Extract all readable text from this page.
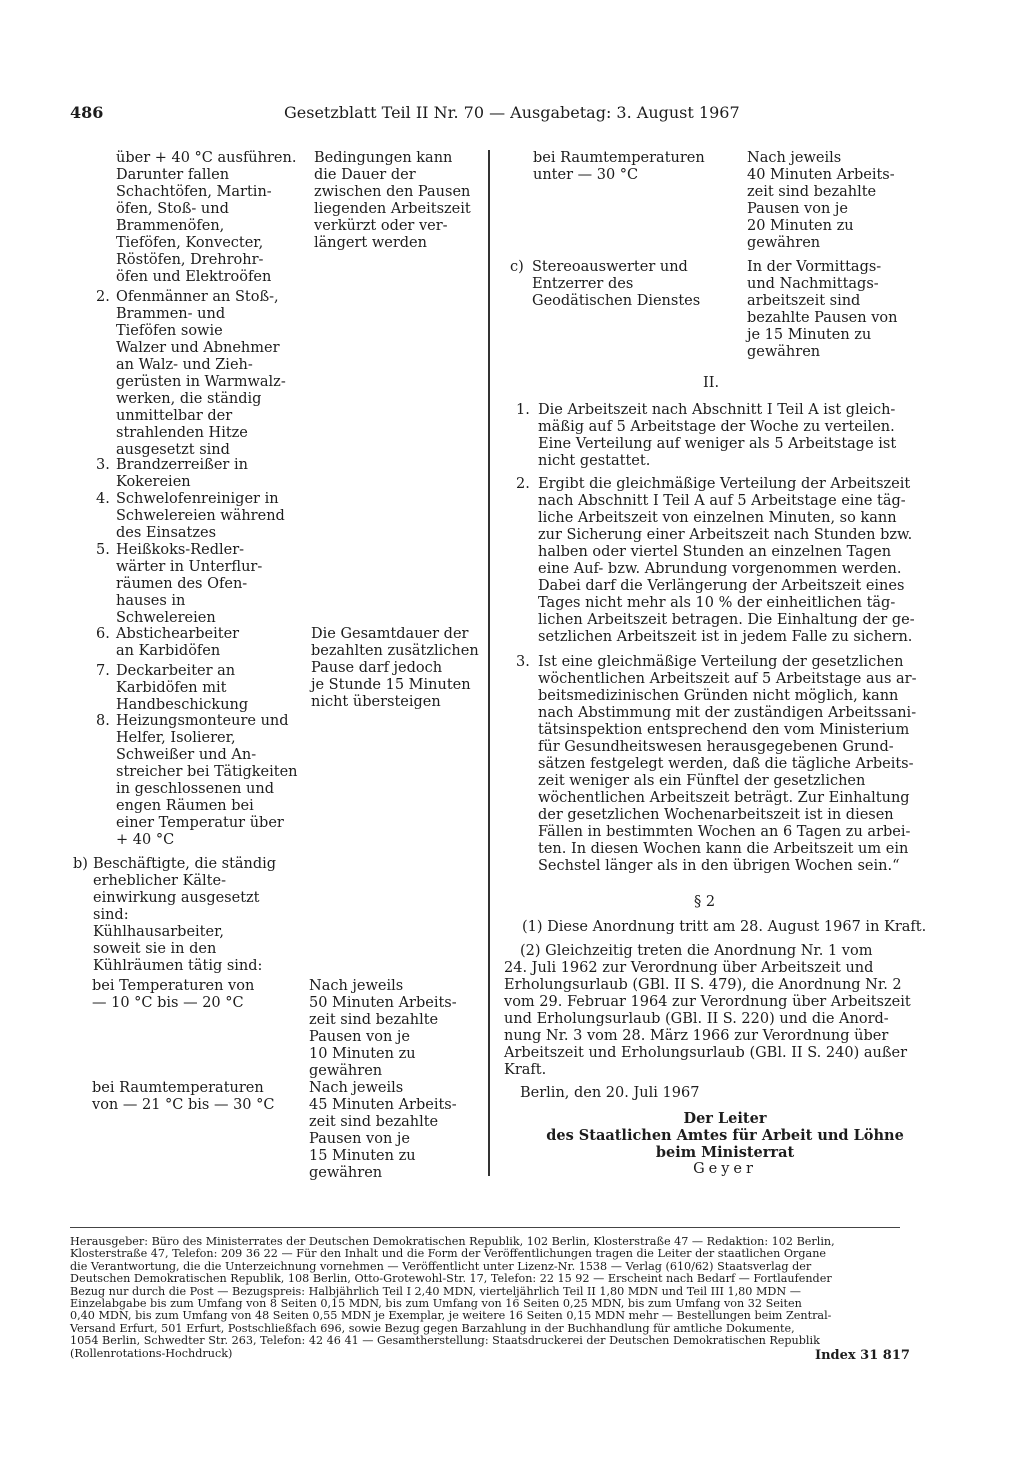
486	Gesetzblatt Teil II Nr. 70 — Ausgabetag: 3. August 1967
über + 40 °C ausführen.
Darunter fallen
Schachtöfen, Martin-
öfen, Stoß- und
Brammenöfen,
Tieföfen, Konvecter,
Röstöfen, Drehrohr-
öfen und Elektroöfen
2. Ofenmänner an Stoß-,
Brammen- und
Tieföfen sowie
Walzer und Abnehmer
an Walz- und Zieh-
gerüsten in Warmwalz-
werken, die ständig
unmittelbar der
strahlenden Hitze
ausgesetzt sind
3. Brandzerreißer in
Kokereien
4. Schwelofenreiniger in
Schwelereien während
des Einsatzes
5. Heißkoks-Redler-
wärter in Unterflur-
räumen des Ofen-
hauses in
Schwelereien
6. Abstichearbeiter
an Karbidöfen
7. Deckarbeiter an
Karbidöfen mit
Handbeschickung
8. Heizungsmonteure und
Helfer, Isolierer,
Schweißer und An-
streicher bei Tätigkeiten
in geschlossenen und
engen Räumen bei
einer Temperatur über
+ 40 °C
b) Beschäftigte, die ständig
erheblicher Kälte-
einwirkung ausgesetzt
sind:
Kühlhausarbeiter,
soweit sie in den
Kühlräumen tätig sind:
bei Temperaturen von
— 10 °C bis — 20 °C
bei Raumtemperaturen
von — 21 °C bis — 30 °C
Bedingungen kann
die Dauer der
zwischen den Pausen
liegenden Arbeitszeit
verkürzt oder ver-
längert werden
Die Gesamtdauer der
bezahlten zusätzlichen
Pause darf jedoch
je Stunde 15 Minuten
nicht übersteigen
Nach jeweils
50 Minuten Arbeits-
zeit sind bezahlte
Pausen von je
10 Minuten zu
gewähren
Nach jeweils
45 Minuten Arbeits-
zeit sind bezahlte
Pausen von je
15 Minuten zu
gewähren
bei Raumtemperaturen
unter — 30 °C
Nach jeweils
40 Minuten Arbeits-
zeit sind bezahlte
Pausen von je
20 Minuten zu
gewähren
c) Stereoauswerter und
Entzerrer des
Geodätischen Dienstes
In der Vormittags-
und Nachmittags-
arbeitszeit sind
bezahlte Pausen von
je 15 Minuten zu
gewähren
II.
1. Die Arbeitszeit nach Abschnitt I Teil A ist gleich-
mäßig auf 5 Arbeitstage der Woche zu verteilen.
Eine Verteilung auf weniger als 5 Arbeitstage ist
nicht gestattet.
2. Ergibt die gleichmäßige Verteilung der Arbeitszeit
nach Abschnitt I Teil A auf 5 Arbeitstage eine täg-
liche Arbeitszeit von einzelnen Minuten, so kann
zur Sicherung einer Arbeitszeit nach Stunden bzw.
halben oder viertel Stunden an einzelnen Tagen
eine Auf- bzw. Abrundung vorgenommen werden.
Dabei darf die Verlängerung der Arbeitszeit eines
Tages nicht mehr als 10 % der einheitlichen täg-
lichen Arbeitszeit betragen. Die Einhaltung der ge-
setzlichen Arbeitszeit ist in jedem Falle zu sichern.
3. Ist eine gleichmäßige Verteilung der gesetzlichen
wöchentlichen Arbeitszeit auf 5 Arbeitstage aus ar-
beitsmedizinischen Gründen nicht möglich, kann
nach Abstimmung mit der zuständigen Arbeitssani-
tätsinspektion entsprechend den vom Ministerium
für Gesundheitswesen herausgegebenen Grund-
sätzen festgelegt werden, daß die tägliche Arbeits-
zeit weniger als ein Fünftel der gesetzlichen
wöchentlichen Arbeitszeit beträgt. Zur Einhaltung
der gesetzlichen Wochenarbeitszeit ist in diesen
Fällen in bestimmten Wochen an 6 Tagen zu arbei-
ten. In diesen Wochen kann die Arbeitszeit um ein
Sechstel länger als in den übrigen Wochen sein.“
§ 2
(1) Diese Anordnung tritt am 28. August 1967 in Kraft.
(2) Gleichzeitig treten die Anordnung Nr. 1 vom
24. Juli 1962 zur Verordnung über Arbeitszeit und
Erholungsurlaub (GBl. II S. 479), die Anordnung Nr. 2
vom 29. Februar 1964 zur Verordnung über Arbeitszeit
und Erholungsurlaub (GBl. II S. 220) und die Anord-
nung Nr. 3 vom 28. März 1966 zur Verordnung über
Arbeitszeit und Erholungsurlaub (GBl. II S. 240) außer
Kraft.
Berlin, den 20. Juli 1967
Der Leiter
des Staatlichen Amtes für Arbeit und Löhne
beim Ministerrat
Geyer
Herausgeber: Büro des Ministerrates der Deutschen Demokratischen Republik, 102 Berlin, Klosterstraße 47 — Redaktion: 102 Berlin,
Klosterstraße 47, Telefon: 209 36 22 — Für den Inhalt und die Form der Veröffentlichungen tragen die Leiter der staatlichen Organe
die Verantwortung, die die Unterzeichnung vornehmen — Veröffentlicht unter Lizenz-Nr. 1538 — Verlag (610/62) Staatsverlag der
Deutschen Demokratischen Republik, 108 Berlin, Otto-Grotewohl-Str. 17, Telefon: 22 15 92 — Erscheint nach Bedarf — Fortlaufender
Bezug nur durch die Post — Bezugspreis: Halbjährlich Teil I 2,40 MDN, vierteljährlich Teil II 1,80 MDN und Teil III 1,80 MDN —
Einzelabgabe bis zum Umfang von 8 Seiten 0,15 MDN, bis zum Umfang von 16 Seiten 0,25 MDN, bis zum Umfang von 32 Seiten
0,40 MDN, bis zum Umfang von 48 Seiten 0,55 MDN je Exemplar, je weitere 16 Seiten 0,15 MDN mehr — Bestellungen beim Zentral-
Versand Erfurt, 501 Erfurt, Postschließfach 696, sowie Bezug gegen Barzahlung in der Buchhandlung für amtliche Dokumente,
1054 Berlin, Schwedter Str. 263, Telefon: 42 46 41 — Gesamtherstellung: Staatsdruckerei der Deutschen Demokratischen Republik
(Rollenrotations-Hochdruck)	Index 31 817
